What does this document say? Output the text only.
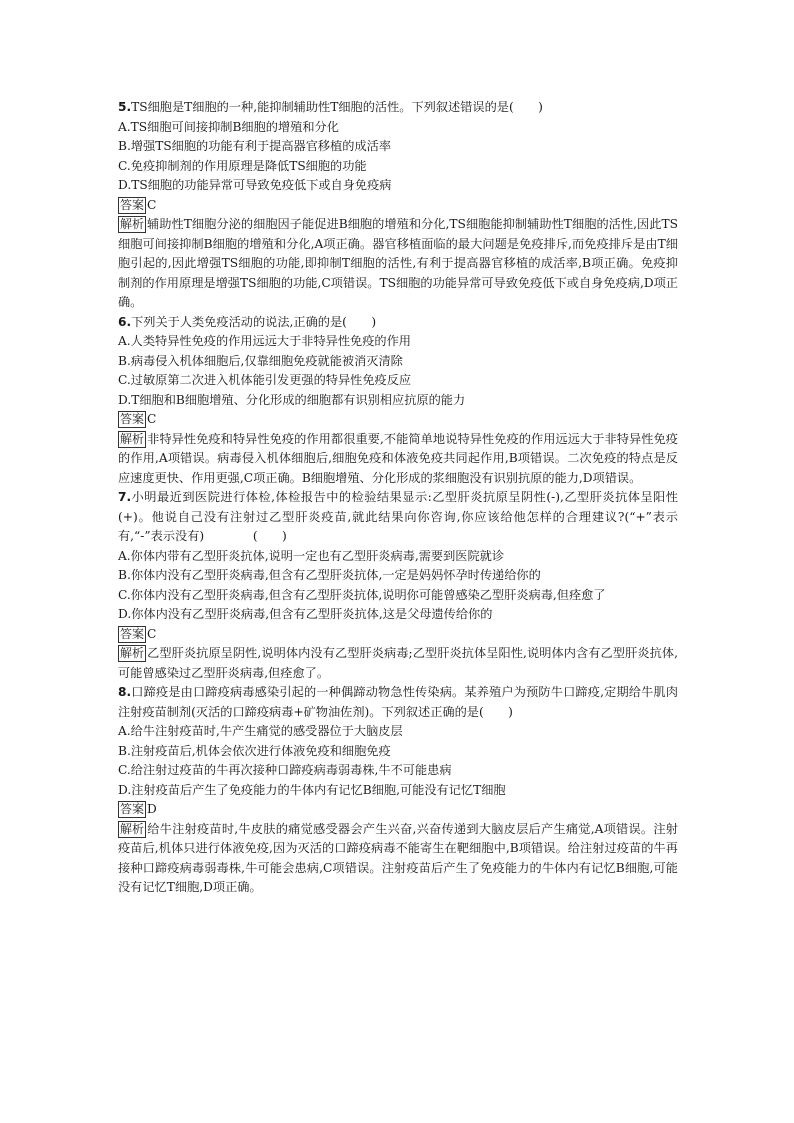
5.TS细胞是T细胞的一种,能抑制辅助性T细胞的活性。下列叙述错误的是(　　)

A.TS细胞可间接抑制B细胞的增殖和分化

B.增强TS细胞的功能有利于提高器官移植的成活率

C.免疫抑制剂的作用原理是降低TS细胞的功能

D.TS细胞的功能异常可导致免疫低下或自身免疫病

答案 C

解析 辅助性T细胞分泌的细胞因子能促进B细胞的增殖和分化,TS细胞能抑制辅助性T细胞的活性,因此TS细胞可间接抑制B细胞的增殖和分化,A项正确。器官移植面临的最大问题是免疫排斥,而免疫排斥是由T细胞引起的,因此增强TS细胞的功能,即抑制T细胞的活性,有利于提高器官移植的成活率,B项正确。免疫抑制剂的作用原理是增强TS细胞的功能,C项错误。TS细胞的功能异常可导致免疫低下或自身免疫病,D项正确。

6.下列关于人类免疫活动的说法,正确的是(　　)

A.人类特异性免疫的作用远远大于非特异性免疫的作用

B.病毒侵入机体细胞后,仅靠细胞免疫就能被消灭清除

C.过敏原第二次进入机体能引发更强的特异性免疫反应

D.T细胞和B细胞增殖、分化形成的细胞都有识别相应抗原的能力

答案 C

解析 非特异性免疫和特异性免疫的作用都很重要,不能简单地说特异性免疫的作用远远大于非特异性免疫的作用,A项错误。病毒侵入机体细胞后,细胞免疫和体液免疫共同起作用,B项错误。二次免疫的特点是反应速度更快、作用更强,C项正确。B细胞增殖、分化形成的浆细胞没有识别抗原的能力,D项错误。

7.小明最近到医院进行体检,体检报告中的检验结果显示:乙型肝炎抗原呈阴性(-),乙型肝炎抗体呈阳性(+)。他说自己没有注射过乙型肝炎疫苗,就此结果向你咨询,你应该给他怎样的合理建议?(“+”表示有,“-”表示没有)　　　　(　　)

A.你体内带有乙型肝炎抗体,说明一定也有乙型肝炎病毒,需要到医院就诊

B.你体内没有乙型肝炎病毒,但含有乙型肝炎抗体,一定是妈妈怀孕时传递给你的

C.你体内没有乙型肝炎病毒,但含有乙型肝炎抗体,说明你可能曾感染乙型肝炎病毒,但痊愈了

D.你体内没有乙型肝炎病毒,但含有乙型肝炎抗体,这是父母遗传给你的

答案 C

解析 乙型肝炎抗原呈阴性,说明体内没有乙型肝炎病毒;乙型肝炎抗体呈阳性,说明体内含有乙型肝炎抗体,可能曾感染过乙型肝炎病毒,但痊愈了。

8.口蹄疫是由口蹄疫病毒感染引起的一种偶蹄动物急性传染病。某养殖户为预防牛口蹄疫,定期给牛肌肉注射疫苗制剂(灭活的口蹄疫病毒+矿物油佐剂)。下列叙述正确的是(　　)

A.给牛注射疫苗时,牛产生痛觉的感受器位于大脑皮层

B.注射疫苗后,机体会依次进行体液免疫和细胞免疫

C.给注射过疫苗的牛再次接种口蹄疫病毒弱毒株,牛不可能患病

D.注射疫苗后产生了免疫能力的牛体内有记忆B细胞,可能没有记忆T细胞

答案 D

解析 给牛注射疫苗时,牛皮肤的痛觉感受器会产生兴奋,兴奋传递到大脑皮层后产生痛觉,A项错误。注射疫苗后,机体只进行体液免疫,因为灭活的口蹄疫病毒不能寄生在靶细胞中,B项错误。给注射过疫苗的牛再接种口蹄疫病毒弱毒株,牛可能会患病,C项错误。注射疫苗后产生了免疫能力的牛体内有记忆B细胞,可能没有记忆T细胞,D项正确。
